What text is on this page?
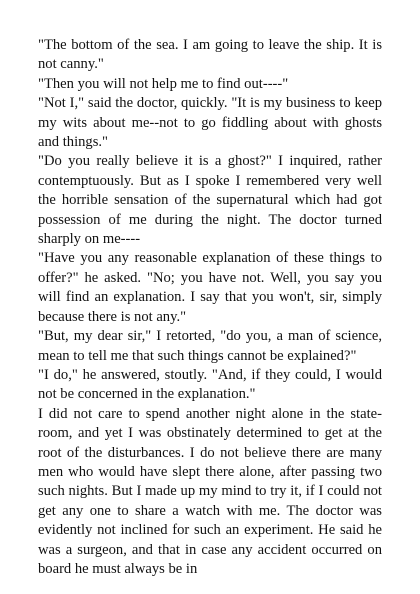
"The bottom of the sea. I am going to leave the ship. It is not canny."

"Then you will not help me to find out----"

"Not I," said the doctor, quickly. "It is my business to keep my wits about me--not to go fiddling about with ghosts and things."

"Do you really believe it is a ghost?" I inquired, rather contemptuously. But as I spoke I remembered very well the horrible sensation of the supernatural which had got possession of me during the night. The doctor turned sharply on me----

"Have you any reasonable explanation of these things to offer?" he asked. "No; you have not. Well, you say you will find an explanation. I say that you won't, sir, simply because there is not any."

"But, my dear sir," I retorted, "do you, a man of science, mean to tell me that such things cannot be explained?"

"I do," he answered, stoutly. "And, if they could, I would not be concerned in the explanation."

I did not care to spend another night alone in the state-room, and yet I was obstinately determined to get at the root of the disturbances. I do not believe there are many men who would have slept there alone, after passing two such nights. But I made up my mind to try it, if I could not get any one to share a watch with me. The doctor was evidently not inclined for such an experiment. He said he was a surgeon, and that in case any accident occurred on board he must always be in
